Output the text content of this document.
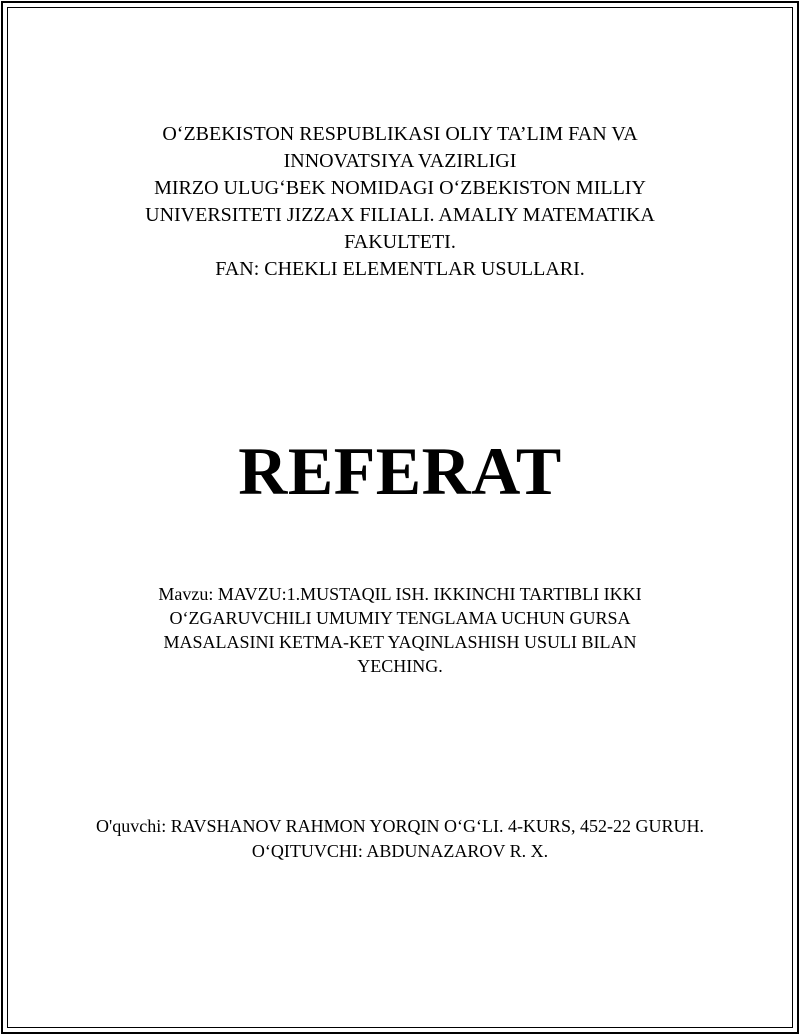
O‘ZBEKISTON RESPUBLIKASI OLIY TA’LIM FAN VA
INNOVATSIYA VAZIRLIGI
MIRZO ULUG‘BEK NOMIDAGI O‘ZBEKISTON MILLIY
UNIVERSITETI JIZZAX FILIALI. AMALIY MATEMATIKA
FAKULTETI.
FAN: CHEKLI ELEMENTLAR USULLARI.
REFERAT
Mavzu: MAVZU:1.MUSTAQIL ISH. IKKINCHI TARTIBLI IKKI O‘ZGARUVCHILI UMUMIY TENGLAMA UCHUN GURSA MASALASINI KETMA-KET YAQINLASHISH USULI BILAN YECHING.
O'quvchi: RAVSHANOV RAHMON YORQIN O‘G‘LI. 4-KURS, 452-22 GURUH.
O‘QITUVCHI: ABDUNAZAROV R. X.
